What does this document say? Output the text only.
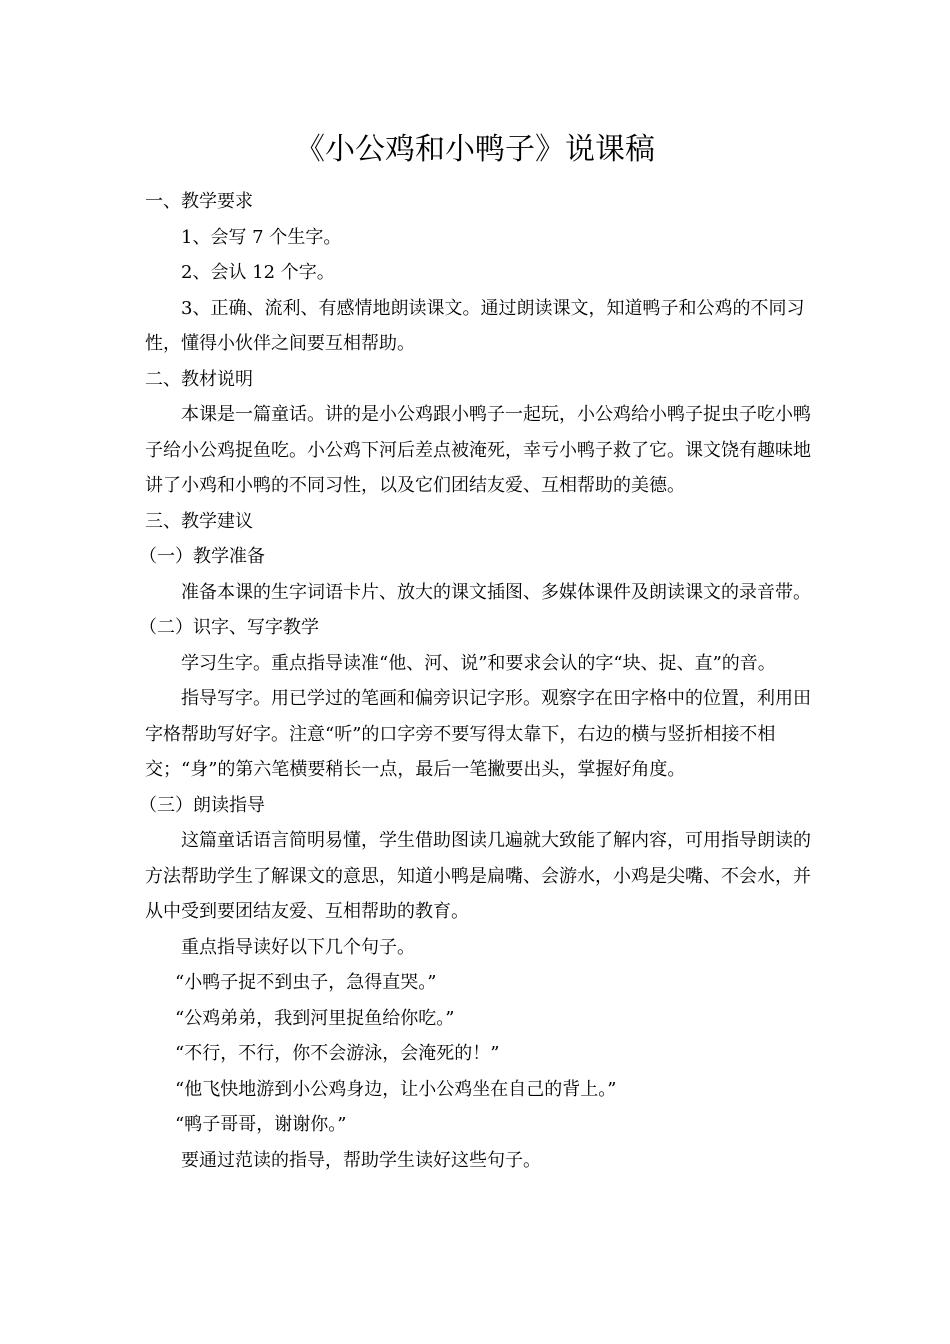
《小公鸡和小鸭子》说课稿

一、教学要求

1、会写 7 个生字。

2、会认 12 个字。

3、正确、流利、有感情地朗读课文。通过朗读课文，知道鸭子和公鸡的不同习性，懂得小伙伴之间要互相帮助。

二、教材说明

本课是一篇童话。讲的是小公鸡跟小鸭子一起玩，小公鸡给小鸭子捉虫子吃小鸭子给小公鸡捉鱼吃。小公鸡下河后差点被淹死，幸亏小鸭子救了它。课文饶有趣味地讲了小鸡和小鸭的不同习性，以及它们团结友爱、互相帮助的美德。

三、教学建议

（一）教学准备

准备本课的生字词语卡片、放大的课文插图、多媒体课件及朗读课文的录音带。

（二）识字、写字教学

学习生字。重点指导读准“他、河、说”和要求会认的字“块、捉、直”的音。

指导写字。用已学过的笔画和偏旁识记字形。观察字在田字格中的位置，利用田字格帮助写好字。注意“听”的口字旁不要写得太靠下，右边的横与竖折相接不相交；“身”的第六笔横要稍长一点，最后一笔撇要出头，掌握好角度。

（三）朗读指导

这篇童话语言简明易懂，学生借助图读几遍就大致能了解内容，可用指导朗读的方法帮助学生了解课文的意思，知道小鸭是扁嘴、会游水，小鸡是尖嘴、不会水，并从中受到要团结友爱、互相帮助的教育。

重点指导读好以下几个句子。

“小鸭子捉不到虫子，急得直哭。”

“公鸡弟弟，我到河里捉鱼给你吃。”

“不行，不行，你不会游泳，会淹死的！”

“他飞快地游到小公鸡身边，让小公鸡坐在自己的背上。”

“鸭子哥哥，谢谢你。”

要通过范读的指导，帮助学生读好这些句子。
